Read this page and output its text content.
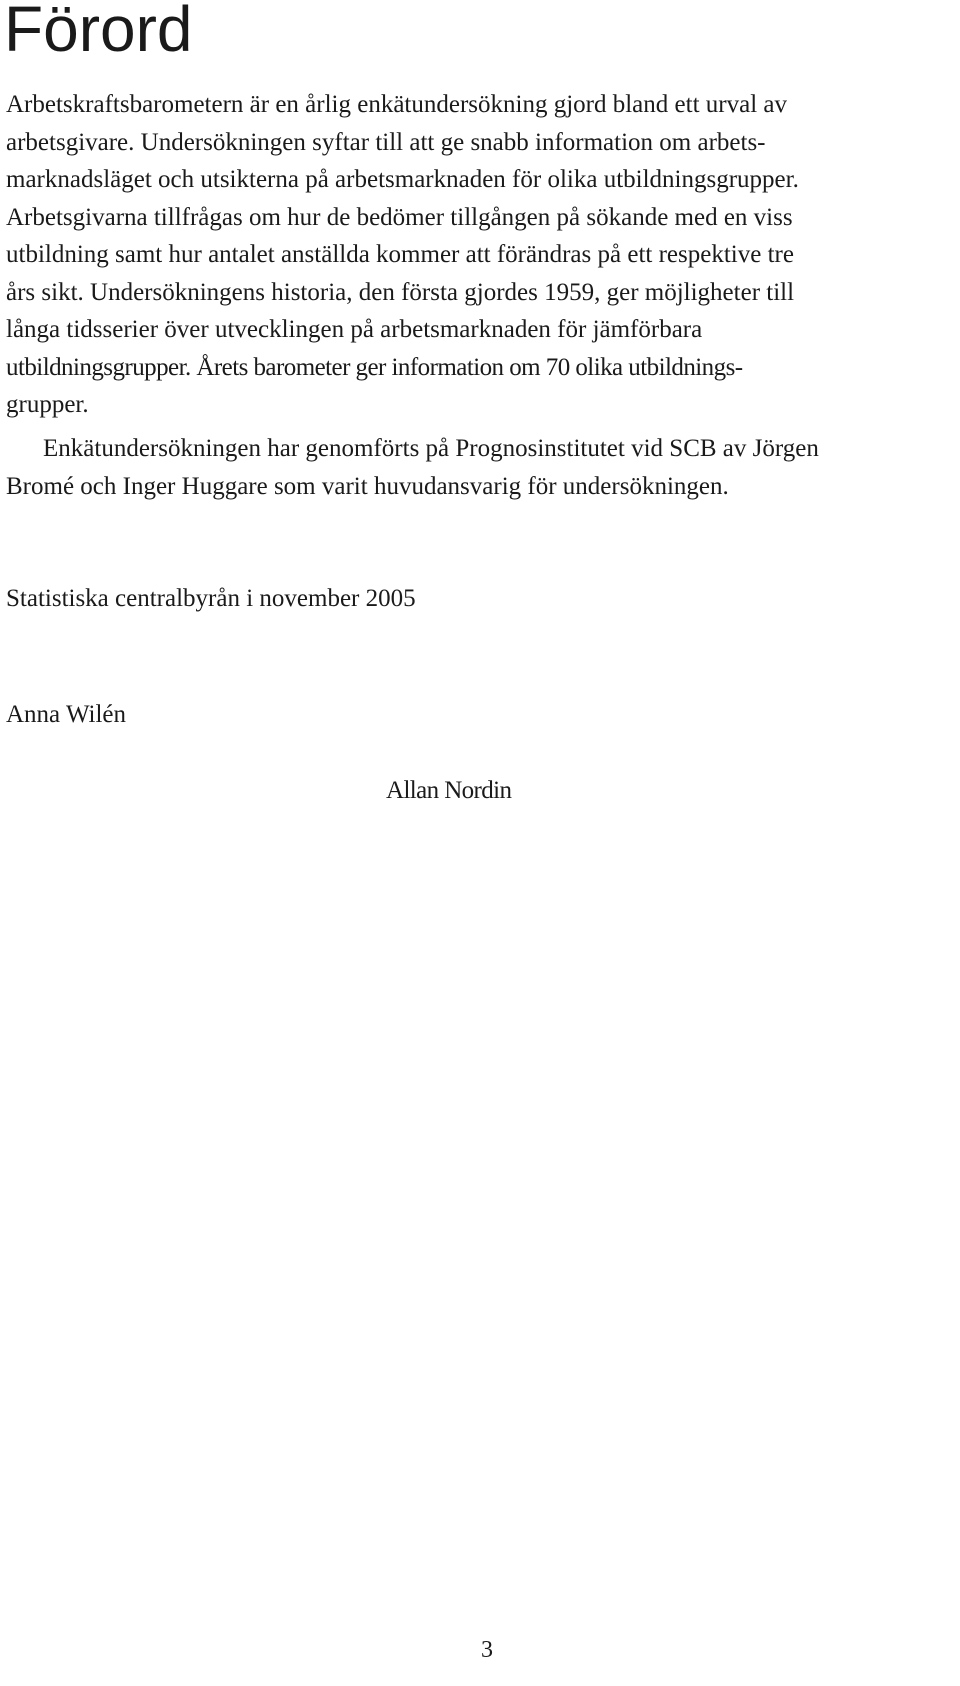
Förord

Arbetskraftsbarometern är en årlig enkätundersökning gjord bland ett urval av

arbetsgivare. Undersökningen syftar till att ge snabb information om arbets-

marknadsläget och utsikterna på arbetsmarknaden för olika utbildningsgrupper.

Arbetsgivarna tillfrågas om hur de bedömer tillgången på sökande med en viss

utbildning samt hur antalet anställda kommer att förändras på ett respektive tre

års sikt. Undersökningens historia, den första gjordes 1959, ger möjligheter till

långa tidsserier över utvecklingen på arbetsmarknaden för jämförbara

utbildningsgrupper. Årets barometer ger information om 70 olika utbildnings-

grupper.

Enkätundersökningen har genomförts på Prognosinstitutet vid SCB av Jörgen

Bromé och Inger Huggare som varit huvudansvarig för undersökningen.

Statistiska centralbyrån i november 2005

Anna Wilén

Allan Nordin

3
